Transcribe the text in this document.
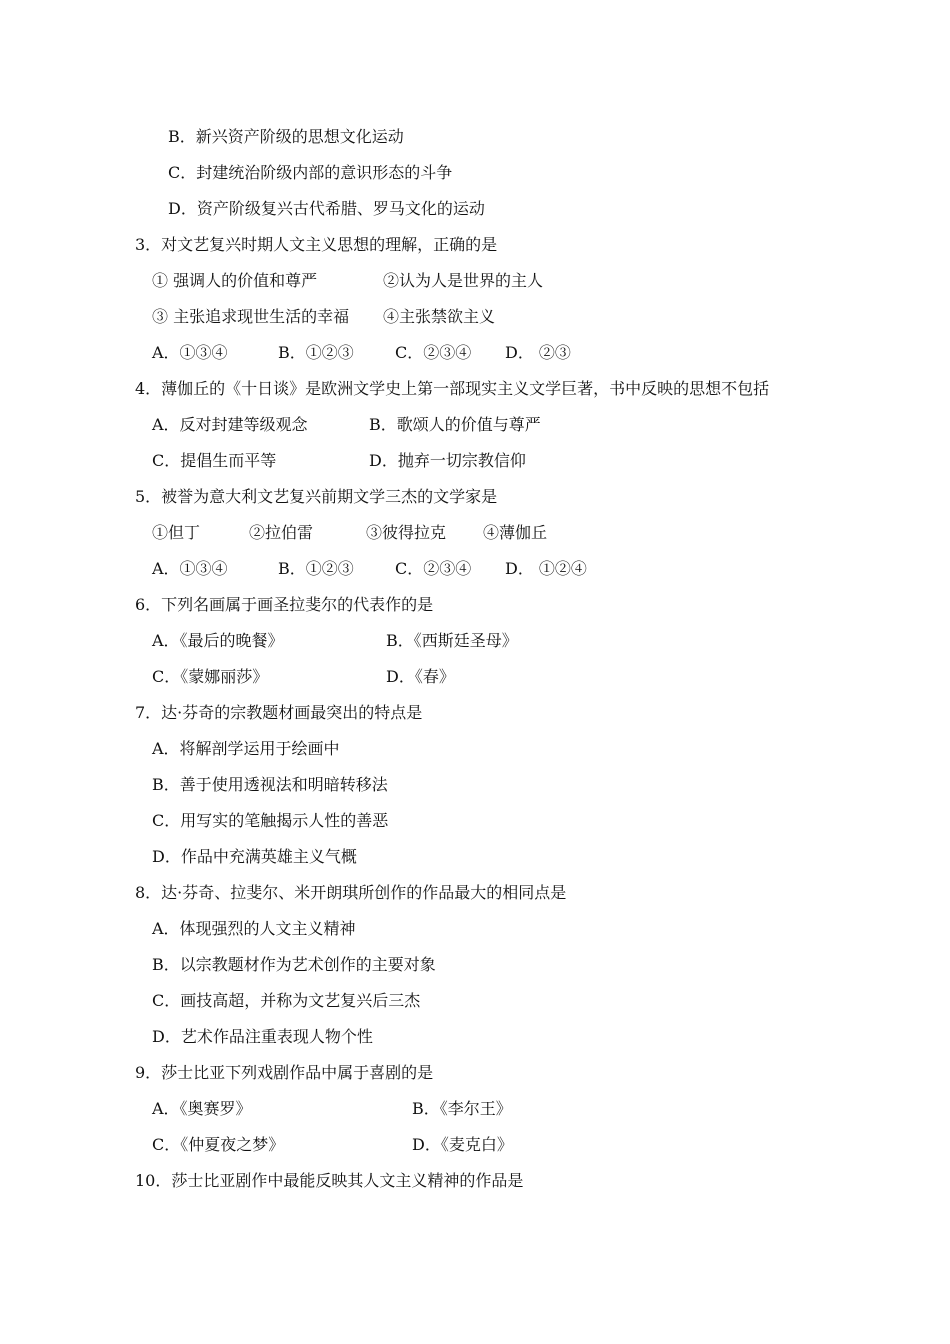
B．新兴资产阶级的思想文化运动
C．封建统治阶级内部的意识形态的斗争
D．资产阶级复兴古代希腊、罗马文化的运动
3．对文艺复兴时期人文主义思想的理解，正确的是
① 强调人的价值和尊严	②认为人是世界的主人
③ 主张追求现世生活的幸福 ④主张禁欲主义
A．①③④	B．①②③	C．②③④ D． ②③
4．薄伽丘的《十日谈》是欧洲文学史上第一部现实主义文学巨著，书中反映的思想不包括
A．反对封建等级观念	B．歌颂人的价值与尊严
C．提倡生而平等	D．抛弃一切宗教信仰
5．被誉为意大利文艺复兴前期文学三杰的文学家是
①但丁	②拉伯雷	③彼得拉克 ④薄伽丘
A．①③④	B．①②③	C．②③④ D． ①②④
6．下列名画属于画圣拉斐尔的代表作的是
A．《最后的晚餐》	B．《西斯廷圣母》
C．《蒙娜丽莎》	D．《春》
7．达·芬奇的宗教题材画最突出的特点是
A．将解剖学运用于绘画中
B．善于使用透视法和明暗转移法
C．用写实的笔触揭示人性的善恶
D．作品中充满英雄主义气概
8．达·芬奇、拉斐尔、米开朗琪所创作的作品最大的相同点是
A．体现强烈的人文主义精神
B．以宗教题材作为艺术创作的主要对象
C．画技高超，并称为文艺复兴后三杰
D．艺术作品注重表现人物个性
9．莎士比亚下列戏剧作品中属于喜剧的是
A．《奥赛罗》	B．《李尔王》
C．《仲夏夜之梦》	D．《麦克白》
10．莎士比亚剧作中最能反映其人文主义精神的作品是
